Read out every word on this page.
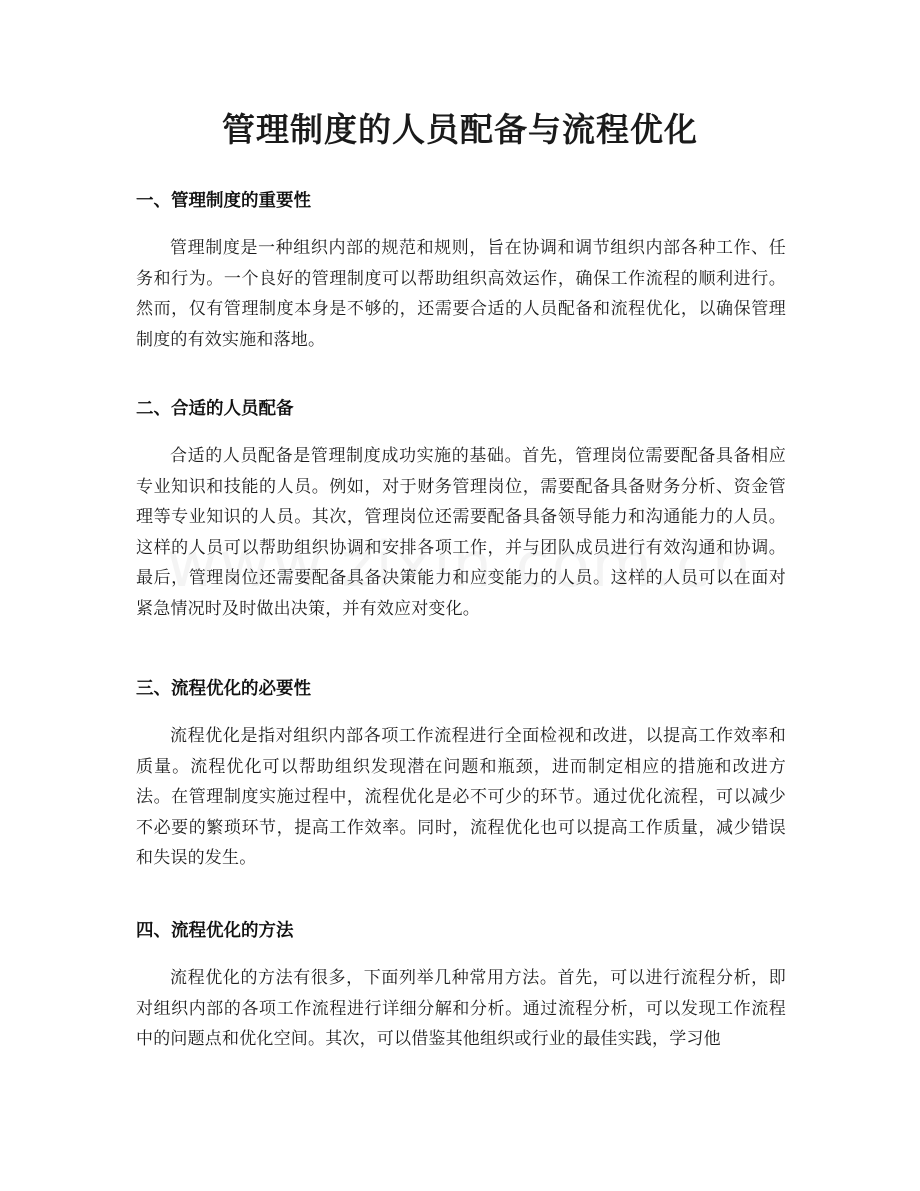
管理制度的人员配备与流程优化
一、管理制度的重要性

管理制度是一种组织内部的规范和规则，旨在协调和调节组织内部各种工作、任务和行为。一个良好的管理制度可以帮助组织高效运作，确保工作流程的顺利进行。然而，仅有管理制度本身是不够的，还需要合适的人员配备和流程优化，以确保管理制度的有效实施和落地。

二、合适的人员配备

合适的人员配备是管理制度成功实施的基础。首先，管理岗位需要配备具备相应专业知识和技能的人员。例如，对于财务管理岗位，需要配备具备财务分析、资金管理等专业知识的人员。其次，管理岗位还需要配备具备领导能力和沟通能力的人员。这样的人员可以帮助组织协调和安排各项工作，并与团队成员进行有效沟通和协调。最后，管理岗位还需要配备具备决策能力和应变能力的人员。这样的人员可以在面对紧急情况时及时做出决策，并有效应对变化。

三、流程优化的必要性

流程优化是指对组织内部各项工作流程进行全面检视和改进，以提高工作效率和质量。流程优化可以帮助组织发现潜在问题和瓶颈，进而制定相应的措施和改进方法。在管理制度实施过程中，流程优化是必不可少的环节。通过优化流程，可以减少不必要的繁琐环节，提高工作效率。同时，流程优化也可以提高工作质量，减少错误和失误的发生。

四、流程优化的方法

流程优化的方法有很多，下面列举几种常用方法。首先，可以进行流程分析，即对组织内部的各项工作流程进行详细分解和分析。通过流程分析，可以发现工作流程中的问题点和优化空间。其次，可以借鉴其他组织或行业的最佳实践，学习他
